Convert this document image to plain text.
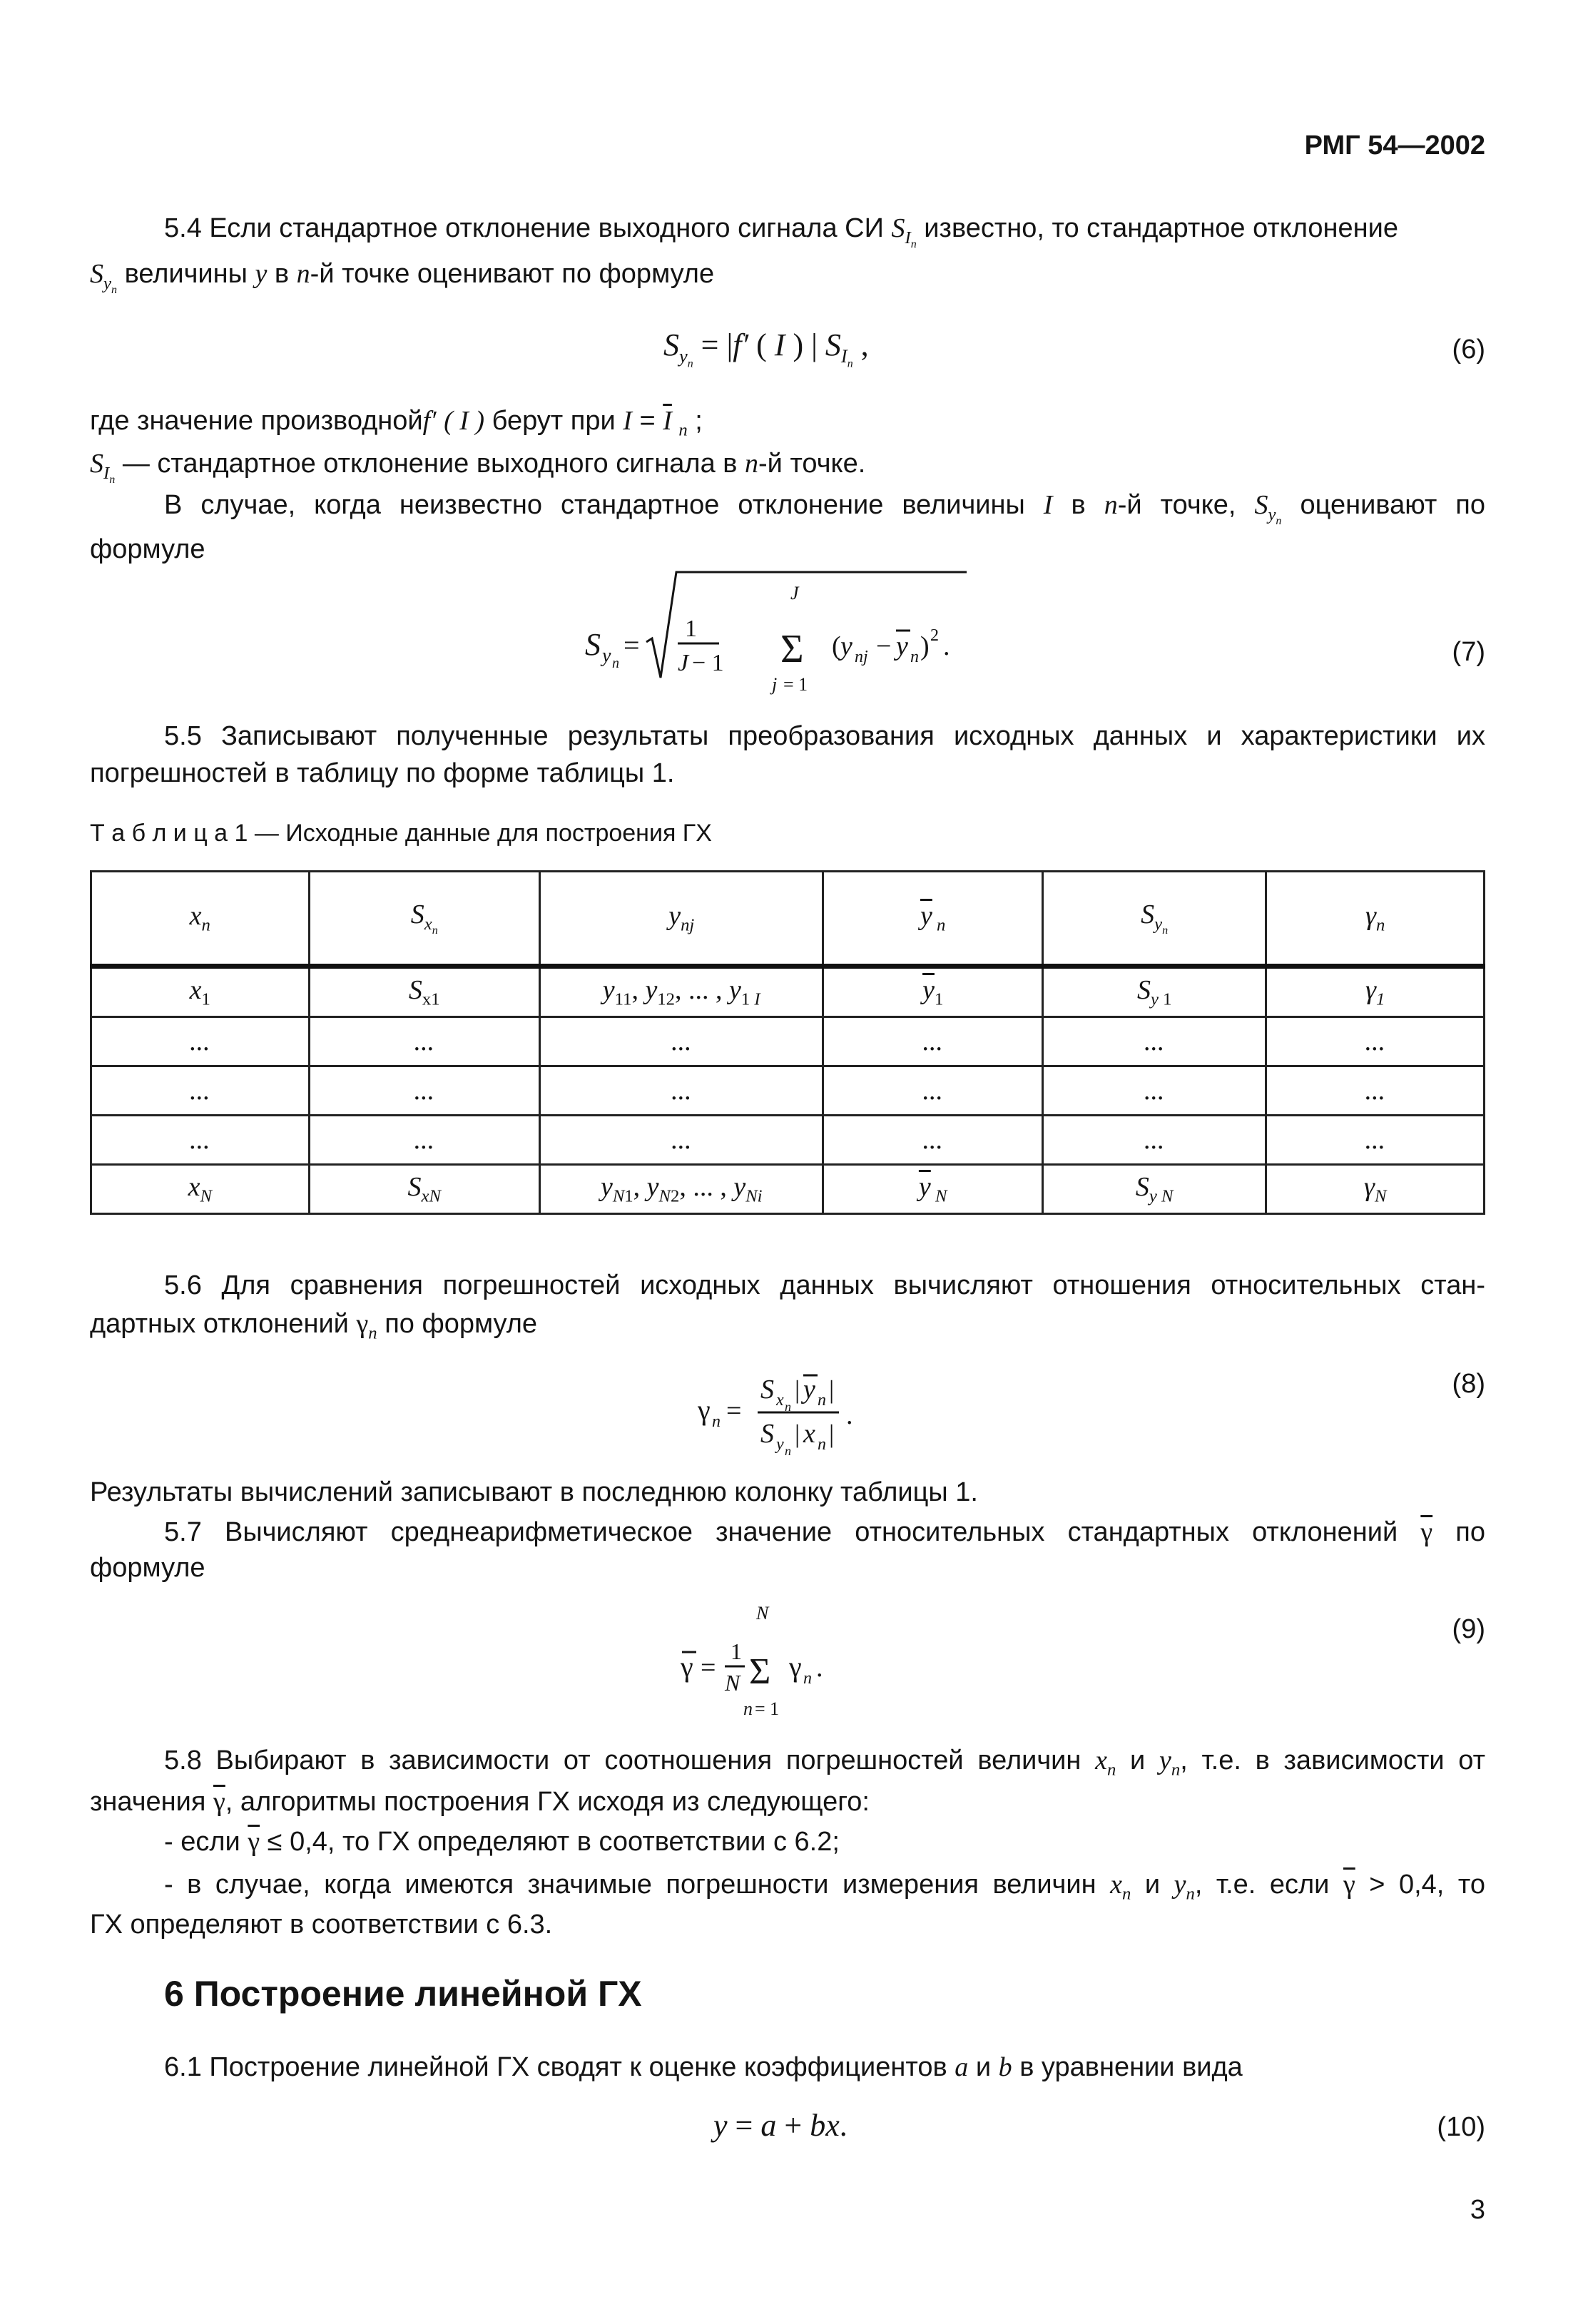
РМГ 54—2002
5.4 Если стандартное отклонение выходного сигнала СИ $S_{I_n}$ известно, то стандартное отклонение
$S_{y_n}$ величины y в n-й точке оценивают по формуле
$S_{y_n} = |f'$ ( I ) | $S_{I_n}$ ,	(6)
где значение производнойf′ ( I ) берут при $I = \overline{I}$ $_n$ ;
$S_{I_n}$ — стандартное отклонение выходного сигнала в n-й точке.
В случае, когда неизвестно стандартное отклонение величины I в n-й точке, $S_{y_n}$ оценивают по
формуле
S y n
=
1
J − 1
J
Σ
j = 1
( y nj − y n ) 2 .	(7)
5.5 Записывают полученные результаты преобразования исходных данных и характеристики их
погрешностей в таблицу по форме таблицы 1.
Т а б л и ц а 1 — Исходные данные для построения ГХ
$x_n$	$S_{x_n}$	$y_{nj}$	$\overline{y}$ $_n$	$S_{y_n}$	$\gamma_n$
$x_1$	$S_{x1}$	$y_{11}$, $y_{12}$, ... , $y_{1 I}$	$\overline{y}_1$	$S_{y 1}$	$\gamma_1$
...	...	...	...	...	...
...	...	...	...	...	...
...	...	...	...	...	...
$x_N$	$S_{xN}$	$y_{N1}$, $y_{N2}$, ... , $y_{Ni}$	$\overline{y}$ $_N$	$S_{y N}$	$\gamma_N$
5.6 Для сравнения погрешностей исходных данных вычисляют отношения относительных стан-
дартных отклонений $\gamma_n$ по формуле
γ n =
S x n
| y n |
S y n
| x n |
.
(8)
Результаты вычислений записывают в последнюю колонку таблицы 1.
5.7 Вычисляют среднеарифметическое значение относительных стандартных отклонений $\overline{\gamma}$ по
формуле
γ =
1
N Σ
N
n = 1
γ n .
(9)
5.8 Выбирают в зависимости от соотношения погрешностей величин $x_n$ и $y_n$, т.е. в зависимости от
значения $\overline{\gamma}$, алгоритмы построения ГХ исходя из следующего:
- если $\overline{\gamma} \le 0,4$, то ГХ определяют в соответствии с 6.2;
- в случае, когда имеются значимые погрешности измерения величин $x_n$ и $y_n$, т.е. если $\overline{\gamma} > 0,4$, то
ГХ определяют в соответствии с 6.3.
6 Построение линейной ГХ
6.1 Построение линейной ГХ сводят к оценке коэффициентов a и b в уравнении вида
y = a + bx.	(10)
3
